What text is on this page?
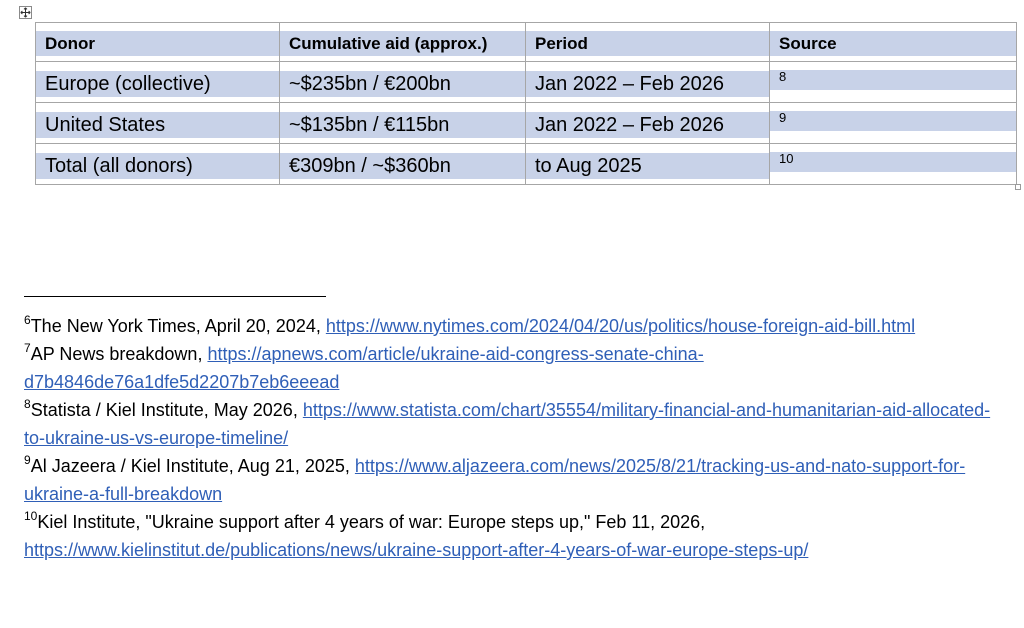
Donor	Cumulative aid (approx.)	Period	Source

Europe (collective)	~$235bn / €200bn	Jan 2022 – Feb 2026	$^8$

United States	~$135bn / €115bn	Jan 2022 – Feb 2026	$^9$

Total (all donors)	€309bn / ~$360bn	to Aug 2025	$^{10}$

$^6$The New York Times, April 20, 2024, https://www.nytimes.com/2024/04/20/us/politics/house-foreign-aid-bill.html

$^7$AP News breakdown, https://apnews.com/article/ukraine-aid-congress-senate-china-d7b4846de76a1dfe5d2207b7eb6eeead

$^8$Statista / Kiel Institute, May 2026, https://www.statista.com/chart/35554/military-financial-and-humanitarian-aid-allocated-to-ukraine-us-vs-europe-timeline/

$^9$Al Jazeera / Kiel Institute, Aug 21, 2025, https://www.aljazeera.com/news/2025/8/21/tracking-us-and-nato-support-for-ukraine-a-full-breakdown

$^{10}$Kiel Institute, "Ukraine support after 4 years of war: Europe steps up," Feb 11, 2026, https://www.kielinstitut.de/publications/news/ukraine-support-after-4-years-of-war-europe-steps-up/
